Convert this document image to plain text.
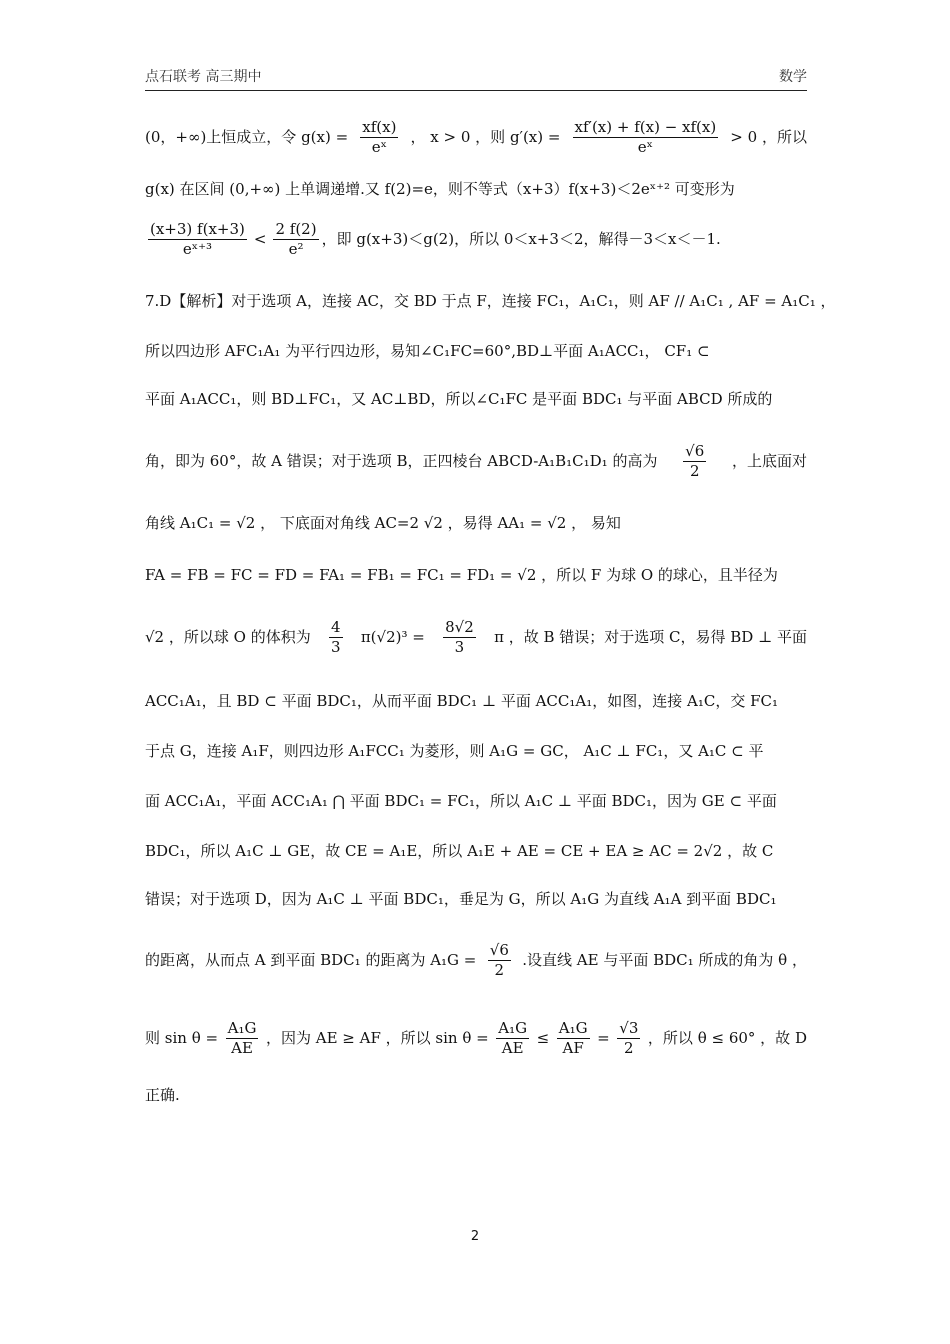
点石联考 高三期中	数学
(0，+∞)上恒成立，令 $g(x) = \frac{xf(x)}{\text{eˣ}}$ ， x > 0 ，则 $g'(x) = \frac{xf'(x) + f(x) - xf(x)}{\text{eˣ}} > 0$ ，所以
g(x) 在区间 (0,+∞) 上单调递增.又 f(2)=e，则不等式（x+3）f(x+3)＜2eˣ⁺² 可变形为
$\frac{(x+3) f(x+3)}{\text{eˣ⁺³}} < \frac{2 f(2)}{\text{e²}}$ ，即 g(x+3)＜g(2)，所以 0＜x+3＜2，解得－3＜x＜－1.
7.D【解析】对于选项 A，连接 AC，交 BD 于点 F，连接 FC₁，A₁C₁，则 AF // A₁C₁ , AF = A₁C₁ ，
所以四边形 AFC₁A₁ 为平行四边形，易知∠C₁FC=60°,BD⊥平面 A₁ACC₁， CF₁ ⊂
平面 A₁ACC₁，则 BD⊥FC₁，又 AC⊥BD，所以∠C₁FC 是平面 BDC₁ 与平面 ABCD 所成的
角，即为 60°，故 A 错误；对于选项 B，正四棱台 ABCD-A₁B₁C₁D₁ 的高为 $\frac{√6}{2}$ ，上底面对
角线 A₁C₁ = √2 ， 下底面对角线 AC=2 √2 ，易得 AA₁ = √2 ， 易知
FA = FB = FC = FD = FA₁ = FB₁ = FC₁ = FD₁ = √2 ，所以 F 为球 O 的球心，且半径为
√2 ，所以球 O 的体积为 $\frac{4}{3} \pi(√2)^3 = \frac{8√2}{3}$ π ，故 B 错误；对于选项 C，易得 BD ⊥ 平面
ACC₁A₁，且 BD ⊂ 平面 BDC₁，从而平面 BDC₁ ⊥ 平面 ACC₁A₁，如图，连接 A₁C，交 FC₁
于点 G，连接 A₁F，则四边形 A₁FCC₁ 为菱形，则 A₁G = GC， A₁C ⊥ FC₁，又 A₁C ⊂ 平
面 ACC₁A₁，平面 ACC₁A₁ ⋂ 平面 BDC₁ = FC₁，所以 A₁C ⊥ 平面 BDC₁，因为 GE ⊂ 平面
BDC₁，所以 A₁C ⊥ GE，故 CE = A₁E，所以 A₁E + AE = CE + EA ≥ AC = 2√2 ，故 C
错误；对于选项 D，因为 A₁C ⊥ 平面 BDC₁，垂足为 G，所以 A₁G 为直线 A₁A 到平面 BDC₁
的距离，从而点 A 到平面 BDC₁ 的距离为 $A_1G = \frac{√6}{2}$ .设直线 AE 与平面 BDC₁ 所成的角为 θ ，
则 $\sin \theta = \frac{\text{A₁G}}{AE}$ ，因为 AE ≥ AF ，所以 $\sin \theta = \frac{\text{A₁G}}{AE} \le \frac{\text{A₁G}}{AF} = \frac{√3}{2}$ ，所以 θ ≤ 60° ，故 D
正确.
2
